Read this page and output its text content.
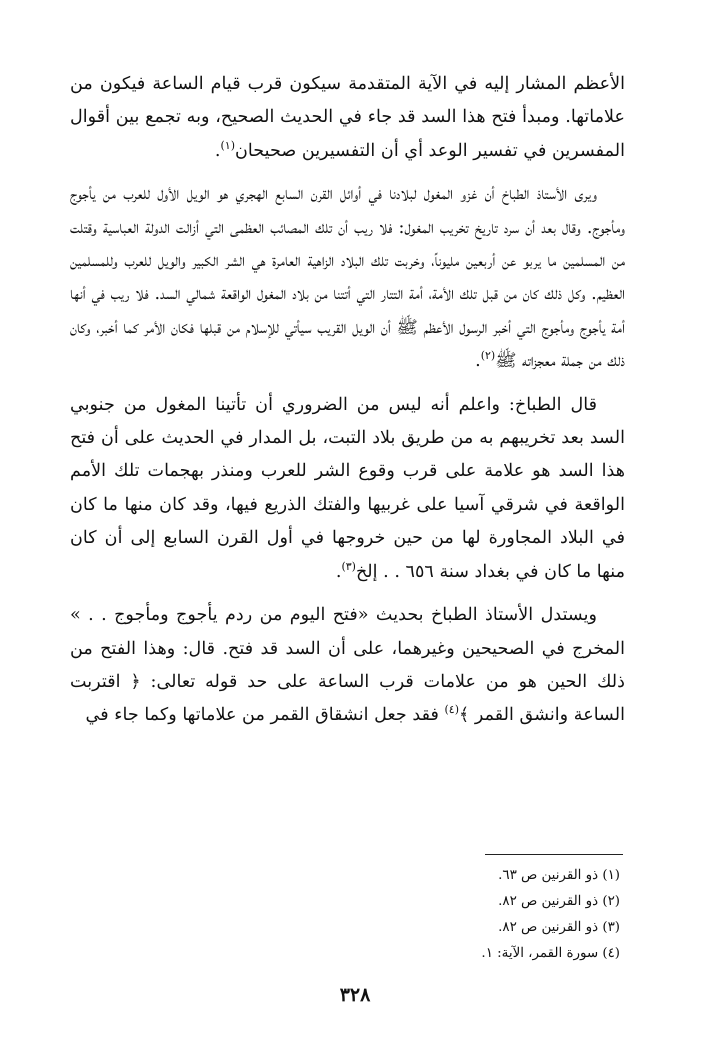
الأعظم المشار إليه في الآية المتقدمة سيكون قرب قيام الساعة فيكون من علاماتها. ومبدأ فتح هذا السد قد جاء في الحديث الصحيح، وبه تجمع بين أقوال المفسرين في تفسير الوعد أي أن التفسيرين صحيحان$^{(١)}$.

ويرى الأستاذ الطباخ أن غزو المغول لبلادنا في أوائل القرن السابع الهجري هو الويل الأول للعرب من يأجوج ومأجوج. وقال بعد أن سرد تاريخ تخريب المغول: فلا ريب أن تلك المصائب العظمى التي أزالت الدولة العباسية وقتلت من المسلمين ما يربو عن أربعين مليوناً، وخربت تلك البلاد الزاهية العامرة هي الشر الكبير والويل للعرب وللمسلمين العظيم. وكل ذلك كان من قبل تلك الأمة، أمة التتار التي أتتنا من بلاد المغول الواقعة شمالي السد. فلا ريب في أنها أمة يأجوج ومأجوج التي أخبر الرسول الأعظم ﷺ أن الويل القريب سيأتي للإسلام من قبلها فكان الأمر كما أخبر، وكان ذلك من جملة معجزاته ﷺ$^{(٢)}$.

قال الطباخ: واعلم أنه ليس من الضروري أن تأتينا المغول من جنوبي السد بعد تخريبهم به من طريق بلاد التبت، بل المدار في الحديث على أن فتح هذا السد هو علامة على قرب وقوع الشر للعرب ومنذر بهجمات تلك الأمم الواقعة في شرقي آسيا على غربيها والفتك الذريع فيها، وقد كان منها ما كان في البلاد المجاورة لها من حين خروجها في أول القرن السابع إلى أن كان منها ما كان في بغداد سنة ٦٥٦ . . إلخ$^{(٣)}$.

ويستدل الأستاذ الطباخ بحديث «فتح اليوم من ردم يأجوج ومأجوج . . » المخرج في الصحيحين وغيرهما، على أن السد قد فتح. قال: وهذا الفتح من ذلك الحين هو من علامات قرب الساعة على حد قوله تعالى: ﴿ اقتربت الساعة وانشق القمر ﴾$^{(٤)}$ فقد جعل انشقاق القمر من علاماتها وكما جاء في

(١) ذو القرنين ص ٦٣.

(٢) ذو القرنين ص ٨٢.

(٣) ذو القرنين ص ٨٢.

(٤) سورة القمر، الآية: ١.

٣٢٨
